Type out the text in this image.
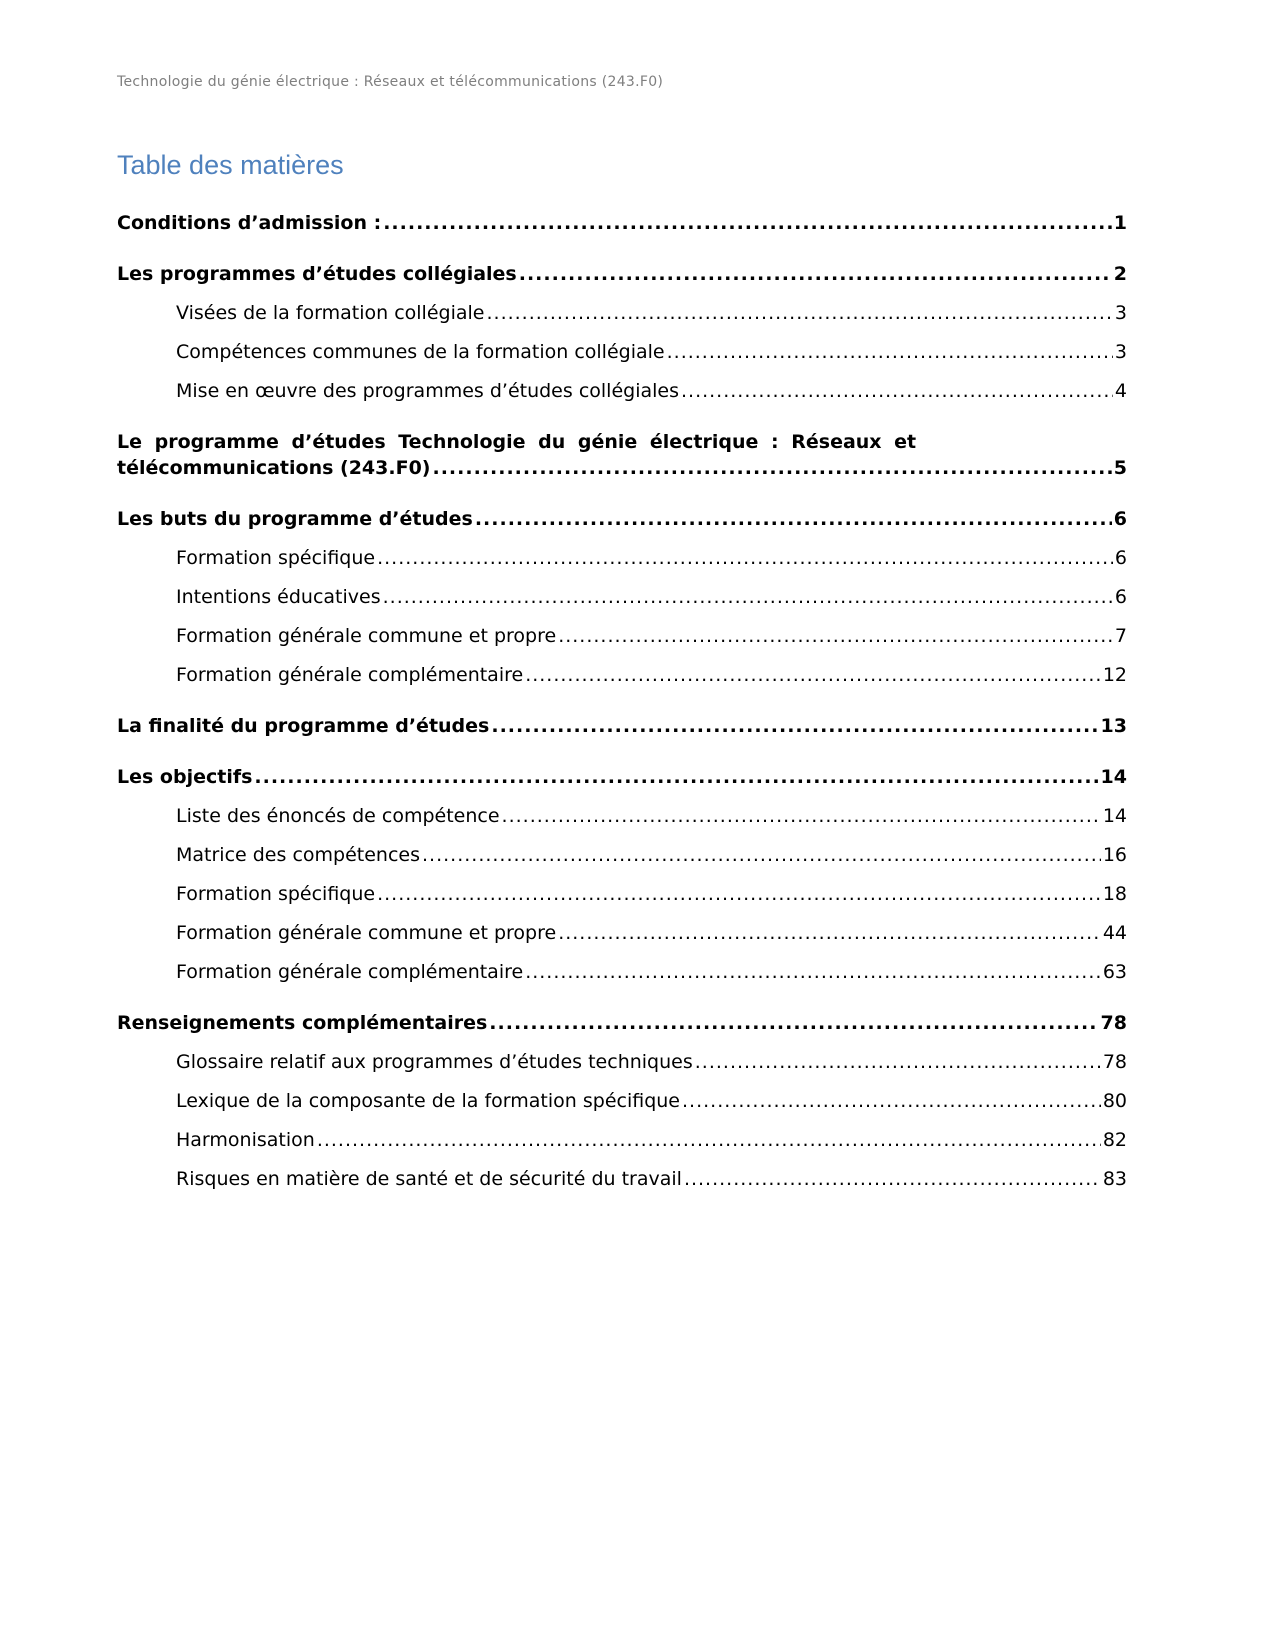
Technologie du génie électrique : Réseaux et télécommunications (243.F0)
Table des matières
Conditions d’admission : .....	1
Les programmes d’études collégiales .....	2
Visées de la formation collégiale .....	3
Compétences communes de la formation collégiale .....	3
Mise en œuvre des programmes d’études collégiales .....	4
Le programme d’études Technologie du génie électrique : Réseaux et
télécommunications (243.F0) .....	5
Les buts du programme d’études .....	6
Formation spécifique .....	6
Intentions éducatives .....	6
Formation générale commune et propre .....	7
Formation générale complémentaire .....	12
La finalité du programme d’études .....	13
Les objectifs .....	14
Liste des énoncés de compétence .....	14
Matrice des compétences .....	16
Formation spécifique .....	18
Formation générale commune et propre .....	44
Formation générale complémentaire .....	63
Renseignements complémentaires .....	78
Glossaire relatif aux programmes d’études techniques .....	78
Lexique de la composante de la formation spécifique .....	80
Harmonisation .....	82
Risques en matière de santé et de sécurité du travail .....	83
